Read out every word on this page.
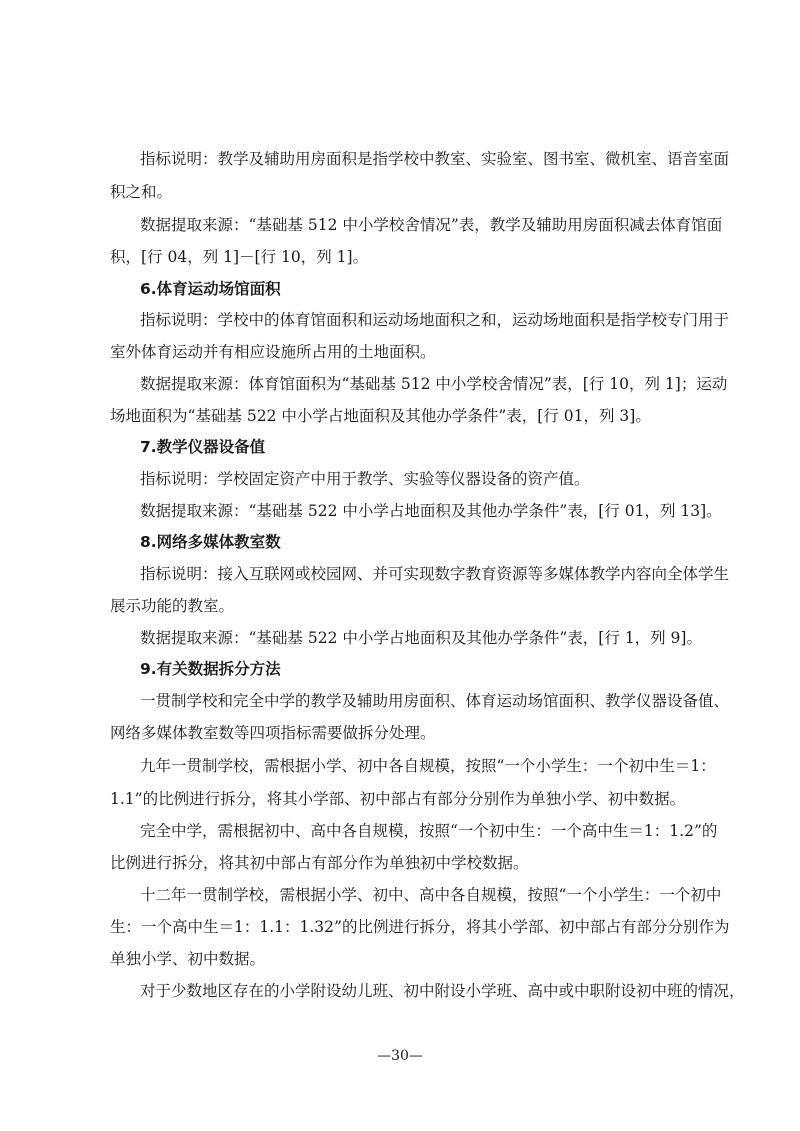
指标说明：教学及辅助用房面积是指学校中教室、实验室、图书室、微机室、语音室面
积之和。
数据提取来源：“基础基 512 中小学校舍情况”表，教学及辅助用房面积减去体育馆面
积，[行 04，列 1]－[行 10，列 1]。
6.体育运动场馆面积
指标说明：学校中的体育馆面积和运动场地面积之和，运动场地面积是指学校专门用于
室外体育运动并有相应设施所占用的土地面积。
数据提取来源：体育馆面积为“基础基 512 中小学校舍情况”表，[行 10，列 1]；运动
场地面积为“基础基 522 中小学占地面积及其他办学条件”表，[行 01，列 3]。
7.教学仪器设备值
指标说明：学校固定资产中用于教学、实验等仪器设备的资产值。
数据提取来源：“基础基 522 中小学占地面积及其他办学条件”表，[行 01，列 13]。
8.网络多媒体教室数
指标说明：接入互联网或校园网、并可实现数字教育资源等多媒体教学内容向全体学生
展示功能的教室。
数据提取来源：“基础基 522 中小学占地面积及其他办学条件”表，[行 1，列 9]。
9.有关数据拆分方法
一贯制学校和完全中学的教学及辅助用房面积、体育运动场馆面积、教学仪器设备值、
网络多媒体教室数等四项指标需要做拆分处理。
九年一贯制学校，需根据小学、初中各自规模，按照“一个小学生：一个初中生＝1：
1.1”的比例进行拆分，将其小学部、初中部占有部分分别作为单独小学、初中数据。
完全中学，需根据初中、高中各自规模，按照“一个初中生：一个高中生＝1：1.2”的
比例进行拆分，将其初中部占有部分作为单独初中学校数据。
十二年一贯制学校，需根据小学、初中、高中各自规模，按照“一个小学生：一个初中
生：一个高中生＝1：1.1：1.32”的比例进行拆分，将其小学部、初中部占有部分分别作为
单独小学、初中数据。
对于少数地区存在的小学附设幼儿班、初中附设小学班、高中或中职附设初中班的情况，
—30—
